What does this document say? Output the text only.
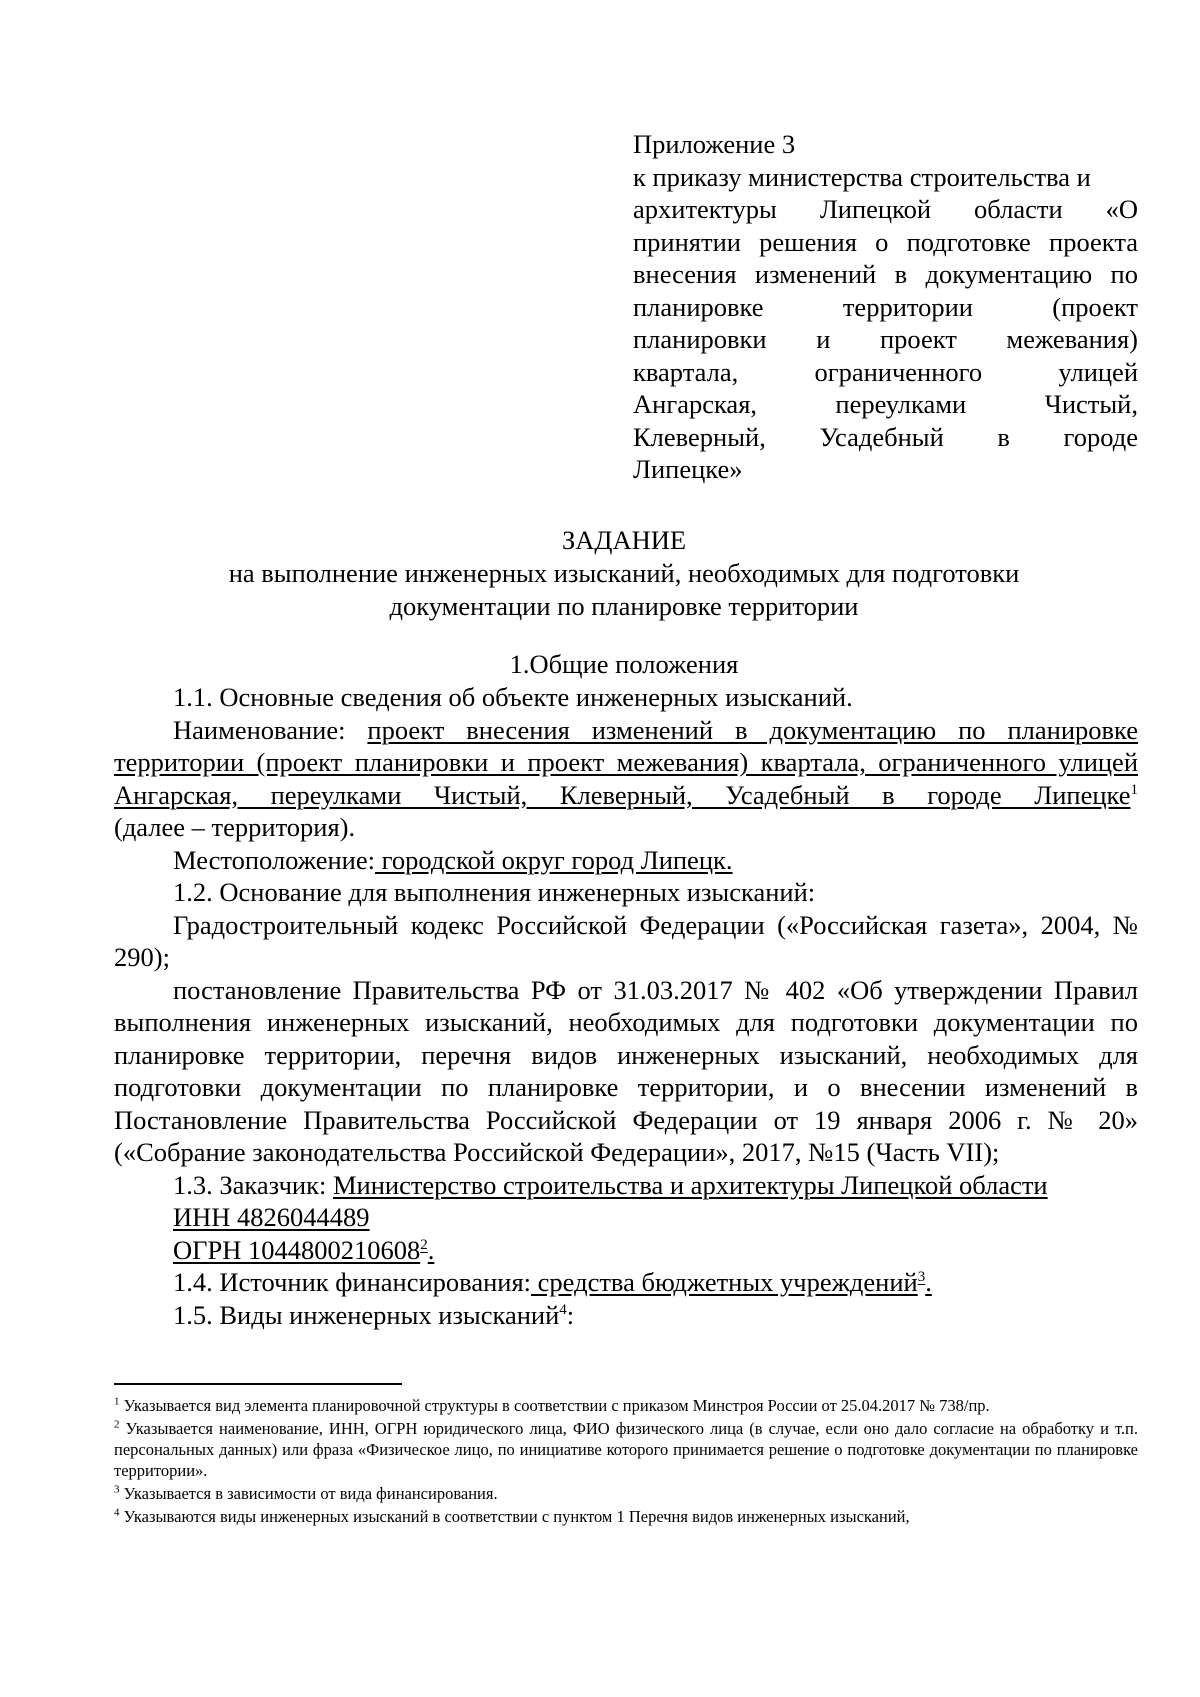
Приложение 3
к приказу министерства строительства и
архитектуры Липецкой области «О
принятии решения о подготовке проекта
внесения изменений в документацию по
планировке территории (проект
планировки и проект межевания)
квартала, ограниченного улицей
Ангарская, переулками Чистый,
Клеверный, Усадебный в городе
Липецке»
ЗАДАНИЕ
на выполнение инженерных изысканий, необходимых для подготовки
документации по планировке территории
1.Общие положения

1.1. Основные сведения об объекте инженерных изысканий.

Наименование: проект внесения изменений в документацию по планировке территории (проект планировки и проект межевания) квартала, ограниченного улицей Ангарская, переулками Чистый, Клеверный, Усадебный в городе Липецке$^1$

(далее – территория).

Местоположение: городской округ город Липецк.

1.2. Основание для выполнения инженерных изысканий:

Градостроительный кодекс Российской Федерации («Российская газета», 2004, № 290);

постановление Правительства РФ от 31.03.2017 № 402 «Об утверждении Правил выполнения инженерных изысканий, необходимых для подготовки документации по планировке территории, перечня видов инженерных изысканий, необходимых для подготовки документации по планировке территории, и о внесении изменений в Постановление Правительства Российской Федерации от 19 января 2006 г. № 20» («Собрание законодательства Российской Федерации», 2017, №15 (Часть VII);

1.3. Заказчик: Министерство строительства и архитектуры Липецкой области

ИНН 4826044489

ОГРН 1044800210608$^2$.

1.4. Источник финансирования: средства бюджетных учреждений$^3$.

1.5. Виды инженерных изысканий$^4$:

$^1$ Указывается вид элемента планировочной структуры в соответствии с приказом Минстроя России от 25.04.2017 № 738/пр.

$^2$ Указывается наименование, ИНН, ОГРН юридического лица, ФИО физического лица (в случае, если оно дало согласие на обработку и т.п. персональных данных) или фраза «Физическое лицо, по инициативе которого принимается решение о подготовке документации по планировке территории».

$^3$ Указывается в зависимости от вида финансирования.

$^4$ Указываются виды инженерных изысканий в соответствии с пунктом 1 Перечня видов инженерных изысканий,
